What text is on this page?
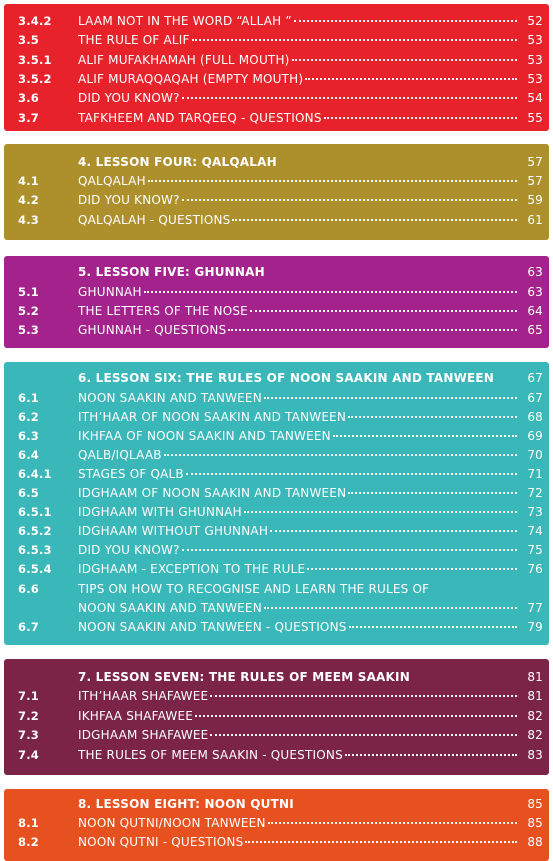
3.4.2 LAAM NOT IN THE WORD “ALLAH ”	52
3.5	THE RULE OF ALIF	53
3.5.1 ALIF MUFAKHAMAH (FULL MOUTH)	53
3.5.2 ALIF MURAQQAQAH (EMPTY MOUTH)	53
3.6	DID YOU KNOW?	54
3.7	TAFKHEEM AND TARQEEQ - QUESTIONS	55
4. LESSON FOUR: QALQALAH	57
4.1	QALQALAH	57
4.2	DID YOU KNOW?	59
4.3	QALQALAH - QUESTIONS	61
5. LESSON FIVE: GHUNNAH	63
5.1	GHUNNAH	63
5.2	THE LETTERS OF THE NOSE	64
5.3	GHUNNAH - QUESTIONS	65
6. LESSON SIX: THE RULES OF NOON SAAKIN AND TANWEEN	67
6.1	NOON SAAKIN AND TANWEEN	67
6.2	ITH’HAAR OF NOON SAAKIN AND TANWEEN	68
6.3	IKHFAA OF NOON SAAKIN AND TANWEEN	69
6.4	QALB/IQLAAB	70
6.4.1 STAGES OF QALB	71
6.5	IDGHAAM OF NOON SAAKIN AND TANWEEN	72
6.5.1 IDGHAAM WITH GHUNNAH	73
6.5.2 IDGHAAM WITHOUT GHUNNAH	74
6.5.3 DID YOU KNOW?	75
6.5.4 IDGHAAM - EXCEPTION TO THE RULE	76
6.6	TIPS ON HOW TO RECOGNISE AND LEARN THE RULES OF
NOON SAAKIN AND TANWEEN	77
6.7	NOON SAAKIN AND TANWEEN - QUESTIONS	79
7. LESSON SEVEN: THE RULES OF MEEM SAAKIN	81
7.1	ITH’HAAR SHAFAWEE	81
7.2	IKHFAA SHAFAWEE	82
7.3	IDGHAAM SHAFAWEE	82
7.4	THE RULES OF MEEM SAAKIN - QUESTIONS	83
8. LESSON EIGHT: NOON QUTNI	85
8.1	NOON QUTNI/NOON TANWEEN	85
8.2	NOON QUTNI - QUESTIONS	88
